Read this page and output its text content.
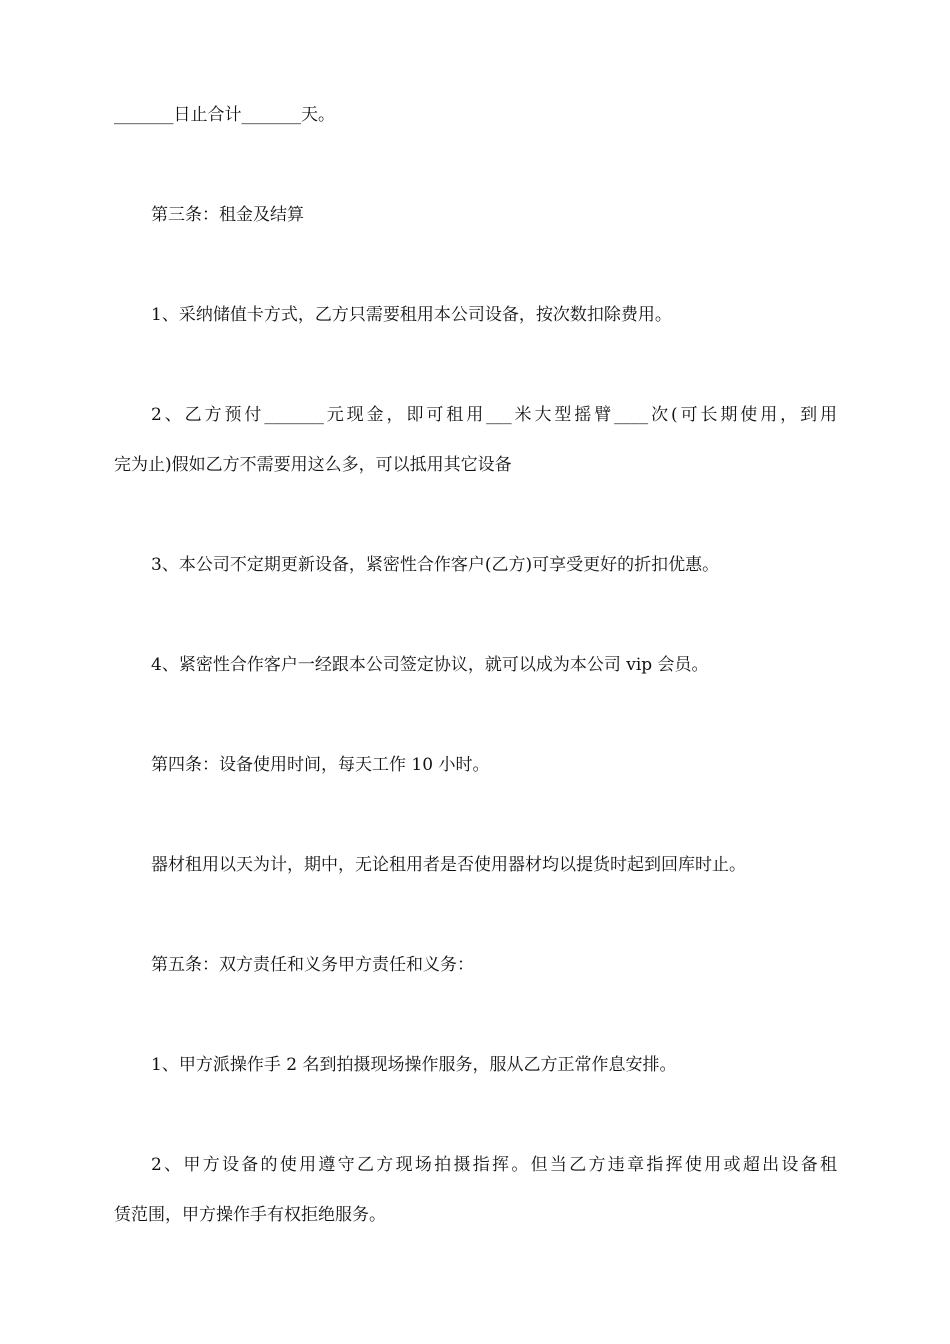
_______日止合计_______天。
第三条：租金及结算
1、采纳储值卡方式，乙方只需要租用本公司设备，按次数扣除费用。
2、乙方预付_______元现金，即可租用___米大型摇臂____次(可长期使用，到用
完为止)假如乙方不需要用这么多，可以抵用其它设备
3、本公司不定期更新设备，紧密性合作客户(乙方)可享受更好的折扣优惠。
4、紧密性合作客户一经跟本公司签定协议，就可以成为本公司 vip 会员。
第四条：设备使用时间，每天工作 10 小时。
器材租用以天为计，期中，无论租用者是否使用器材均以提货时起到回库时止。
第五条：双方责任和义务甲方责任和义务：
1、甲方派操作手 2 名到拍摄现场操作服务，服从乙方正常作息安排。
2、甲方设备的使用遵守乙方现场拍摄指挥。但当乙方违章指挥使用或超出设备租
赁范围，甲方操作手有权拒绝服务。
